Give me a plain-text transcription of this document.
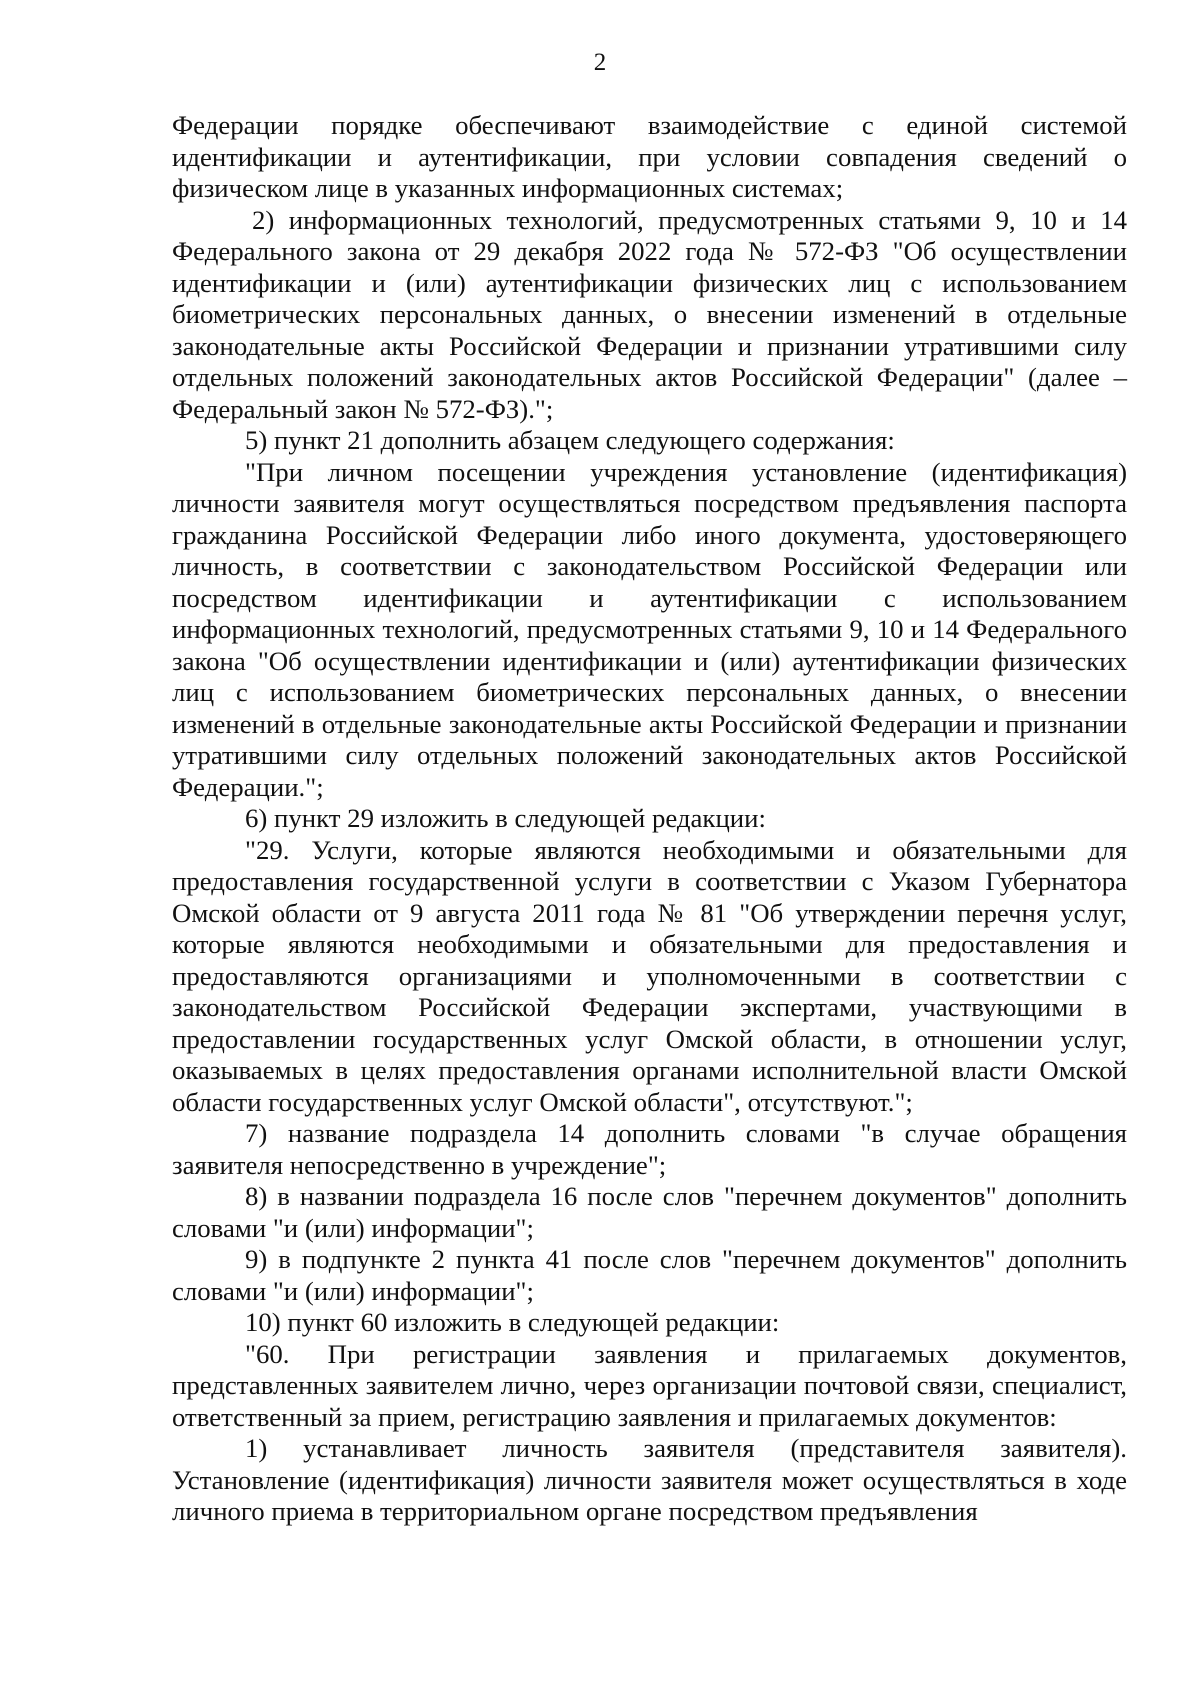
2

Федерации порядке обеспечивают взаимодействие с единой системой идентификации и аутентификации, при условии совпадения сведений о физическом лице в указанных информационных системах;

2) информационных технологий, предусмотренных статьями 9, 10 и 14 Федерального закона от 29 декабря 2022 года № 572-ФЗ "Об осуществлении идентификации и (или) аутентификации физических лиц с использованием биометрических персональных данных, о внесении изменений в отдельные законодательные акты Российской Федерации и признании утратившими силу отдельных положений законодательных актов Российской Федерации" (далее – Федеральный закон № 572-ФЗ).";

5) пункт 21 дополнить абзацем следующего содержания:

"При личном посещении учреждения установление (идентификация) личности заявителя могут осуществляться посредством предъявления паспорта гражданина Российской Федерации либо иного документа, удостоверяющего личность, в соответствии с законодательством Российской Федерации или посредством идентификации и аутентификации с использованием информационных технологий, предусмотренных статьями 9, 10 и 14 Федерального закона "Об осуществлении идентификации и (или) аутентификации физических лиц с использованием биометрических персональных данных, о внесении изменений в отдельные законодательные акты Российской Федерации и признании утратившими силу отдельных положений законодательных актов Российской Федерации.";

6) пункт 29 изложить в следующей редакции:

"29. Услуги, которые являются необходимыми и обязательными для предоставления государственной услуги в соответствии с Указом Губернатора Омской области от 9 августа 2011 года № 81 "Об утверждении перечня услуг, которые являются необходимыми и обязательными для предоставления и предоставляются организациями и уполномоченными в соответствии с законодательством Российской Федерации экспертами, участвующими в предоставлении государственных услуг Омской области, в отношении услуг, оказываемых в целях предоставления органами исполнительной власти Омской области государственных услуг Омской области", отсутствуют.";

7) название подраздела 14 дополнить словами "в случае обращения заявителя непосредственно в учреждение";

8) в названии подраздела 16 после слов "перечнем документов" дополнить словами "и (или) информации";

9) в подпункте 2 пункта 41 после слов "перечнем документов" дополнить словами "и (или) информации";

10) пункт 60 изложить в следующей редакции:

"60. При регистрации заявления и прилагаемых документов, представленных заявителем лично, через организации почтовой связи, специалист, ответственный за прием, регистрацию заявления и прилагаемых документов:

1) устанавливает личность заявителя (представителя заявителя). Установление (идентификация) личности заявителя может осуществляться в ходе личного приема в территориальном органе посредством предъявления
